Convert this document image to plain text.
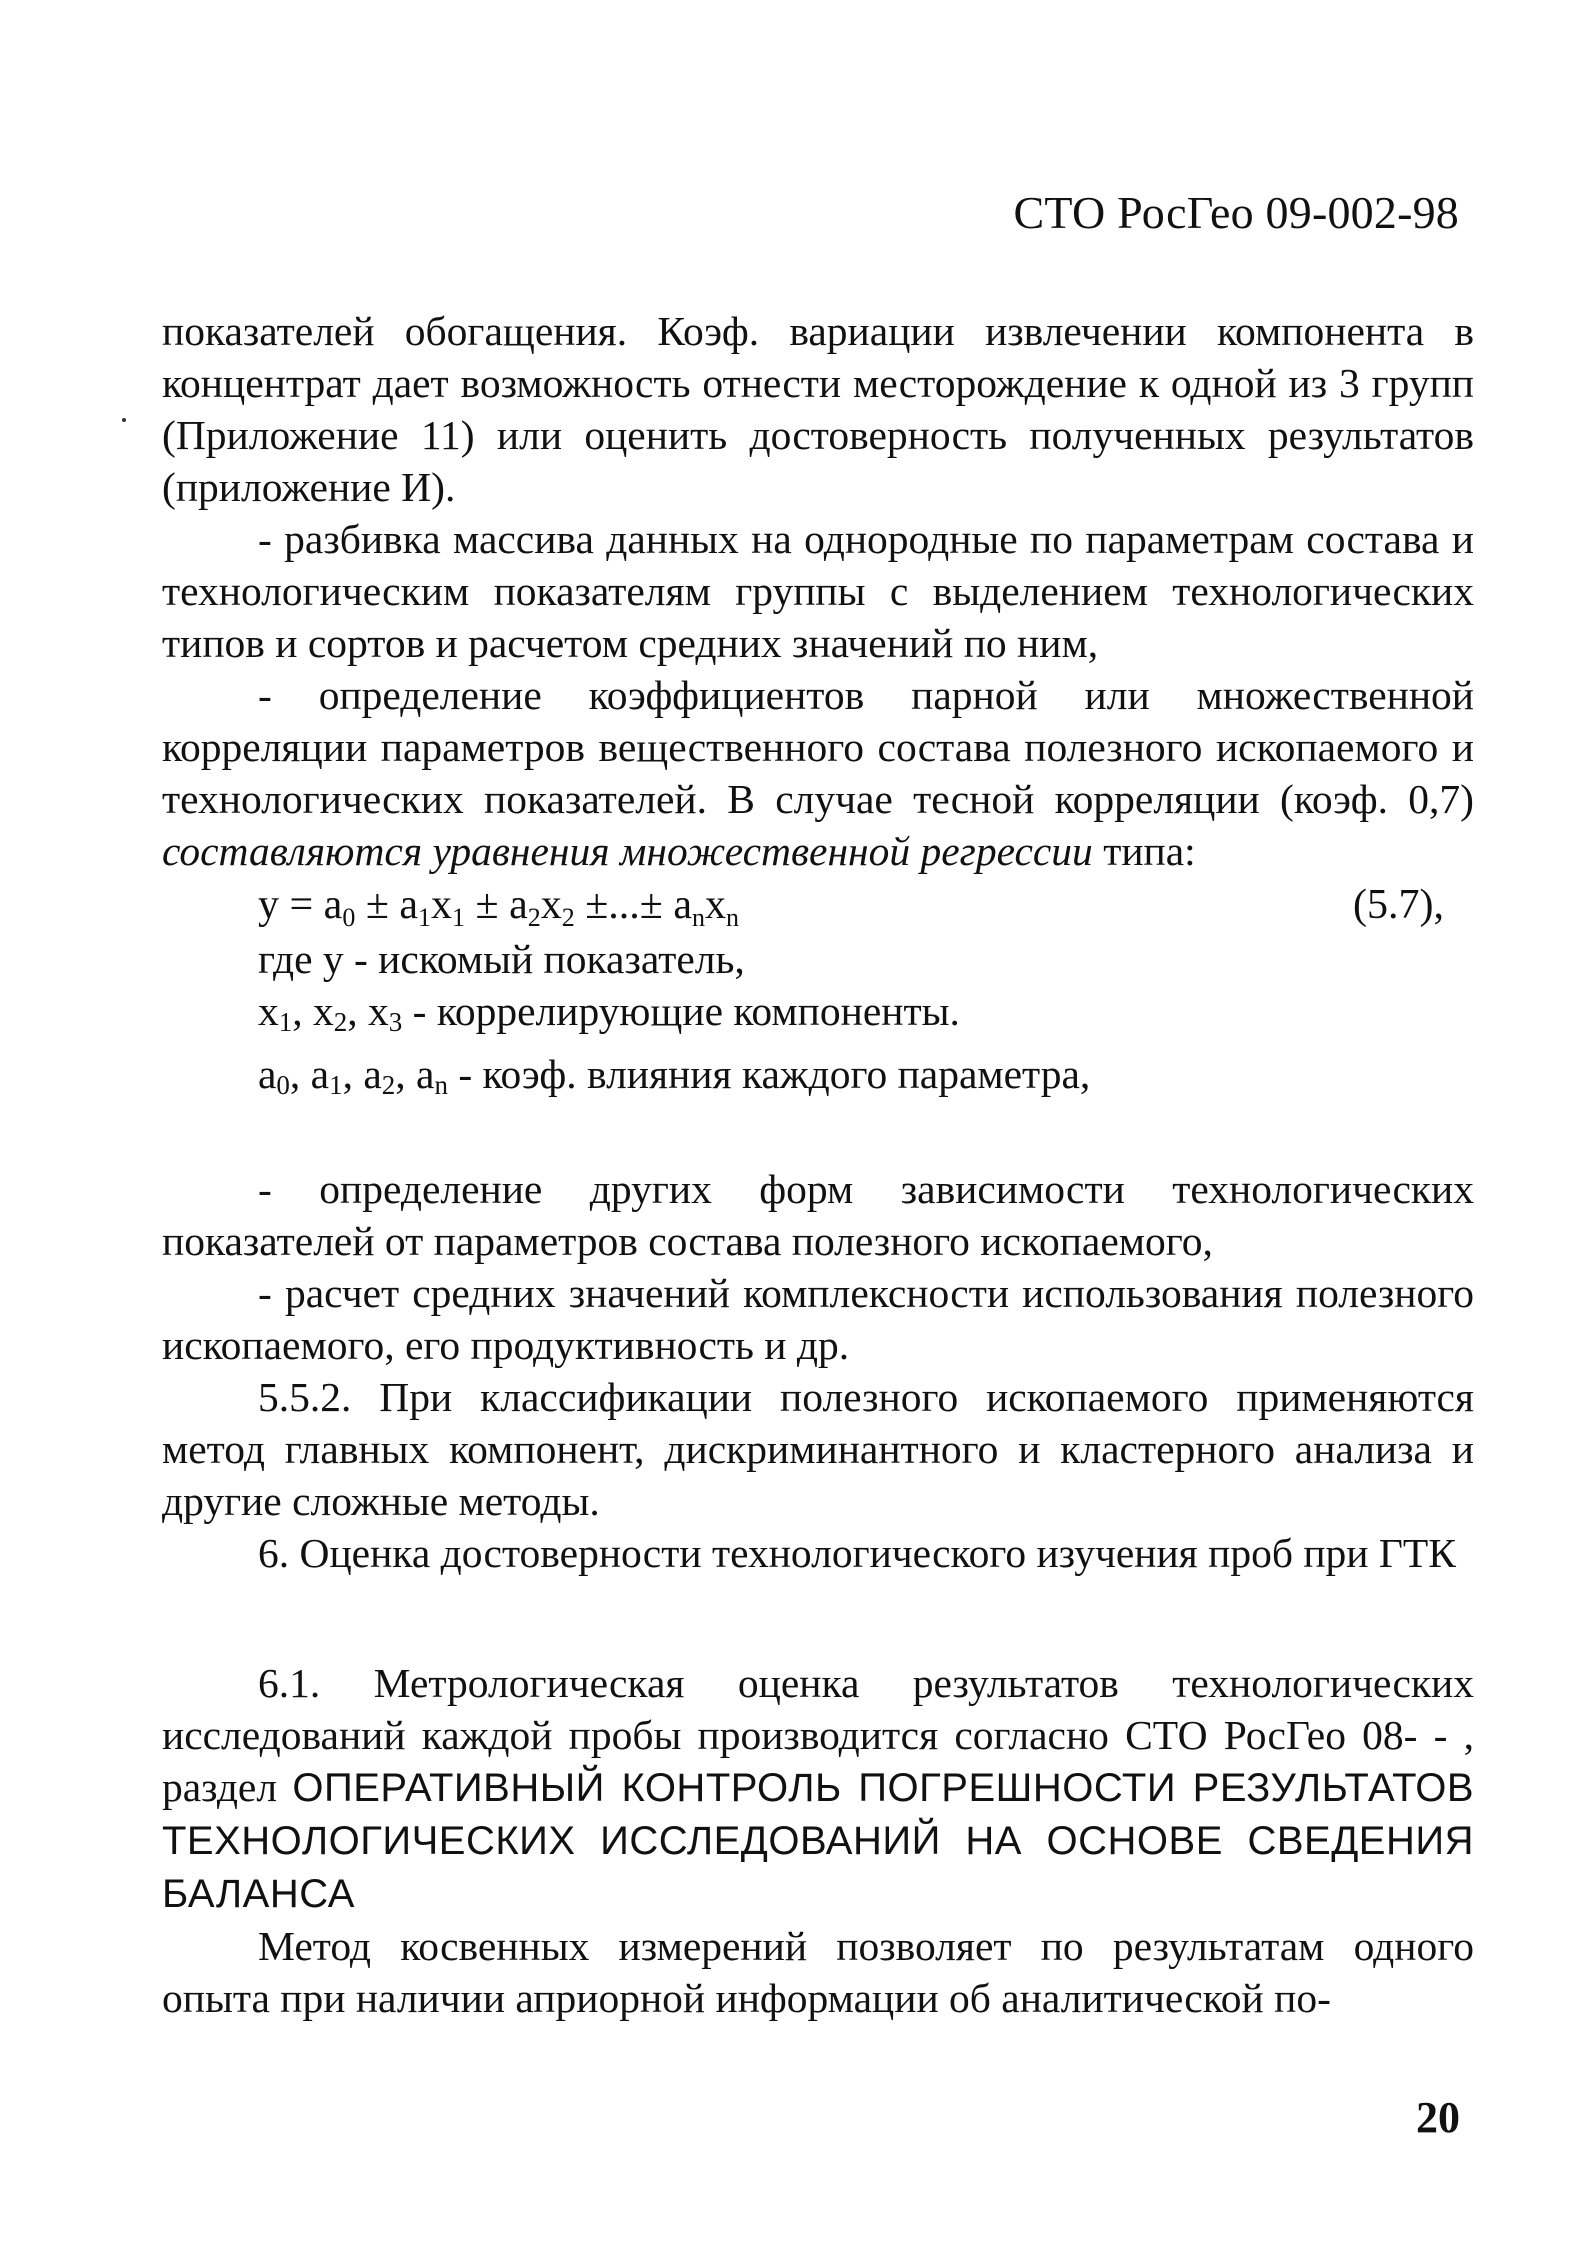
СТО РосГео 09-002-98

показателей обогащения. Коэф. вариации извлечении компонента в концентрат дает возможность отнести месторождение к одной из 3 групп (Приложение 11) или оценить достоверность полученных результатов (приложение И).

- разбивка массива данных на однородные по параметрам состава и технологическим показателям группы с выделением технологических типов и сортов и расчетом средних значений по ним,

- определение коэффициентов парной или множественной корреляции параметров вещественного состава полезного ископаемого и технологических показателей. В случае тесной корреляции (коэф. 0,7) составляются уравнения множественной регрессии типа:

$у = a_0 \pm a_1x_1 \pm a_2x_2$ ±...± $a_nx_n$	(5.7),
где у - искомый показатель,
$x_1$, $x_2$, $x_3$ - коррелирующие компоненты.
$a_0$, $a_1$, $a_2$, $a_n$ - коэф. влияния каждого параметра,

- определение других форм зависимости технологических показателей от параметров состава полезного ископаемого,

- расчет средних значений комплексности использования полезного ископаемого, его продуктивность и др.

5.5.2. При классификации полезного ископаемого применяются метод главных компонент, дискриминантного и кластерного анализа и другие сложные методы.

6. Оценка достоверности технологического изучения проб при ГТК

6.1. Метрологическая оценка результатов технологических исследований каждой пробы производится согласно СТО РосГео 08- - , раздел ОПЕРАТИВНЫЙ КОНТРОЛЬ ПОГРЕШНОСТИ РЕЗУЛЬТАТОВ ТЕХНОЛОГИЧЕСКИХ ИССЛЕДОВАНИЙ НА ОСНОВЕ СВЕДЕНИЯ БАЛАНСА

Метод косвенных измерений позволяет по результатам одного опыта при наличии априорной информации об аналитической по-

20
